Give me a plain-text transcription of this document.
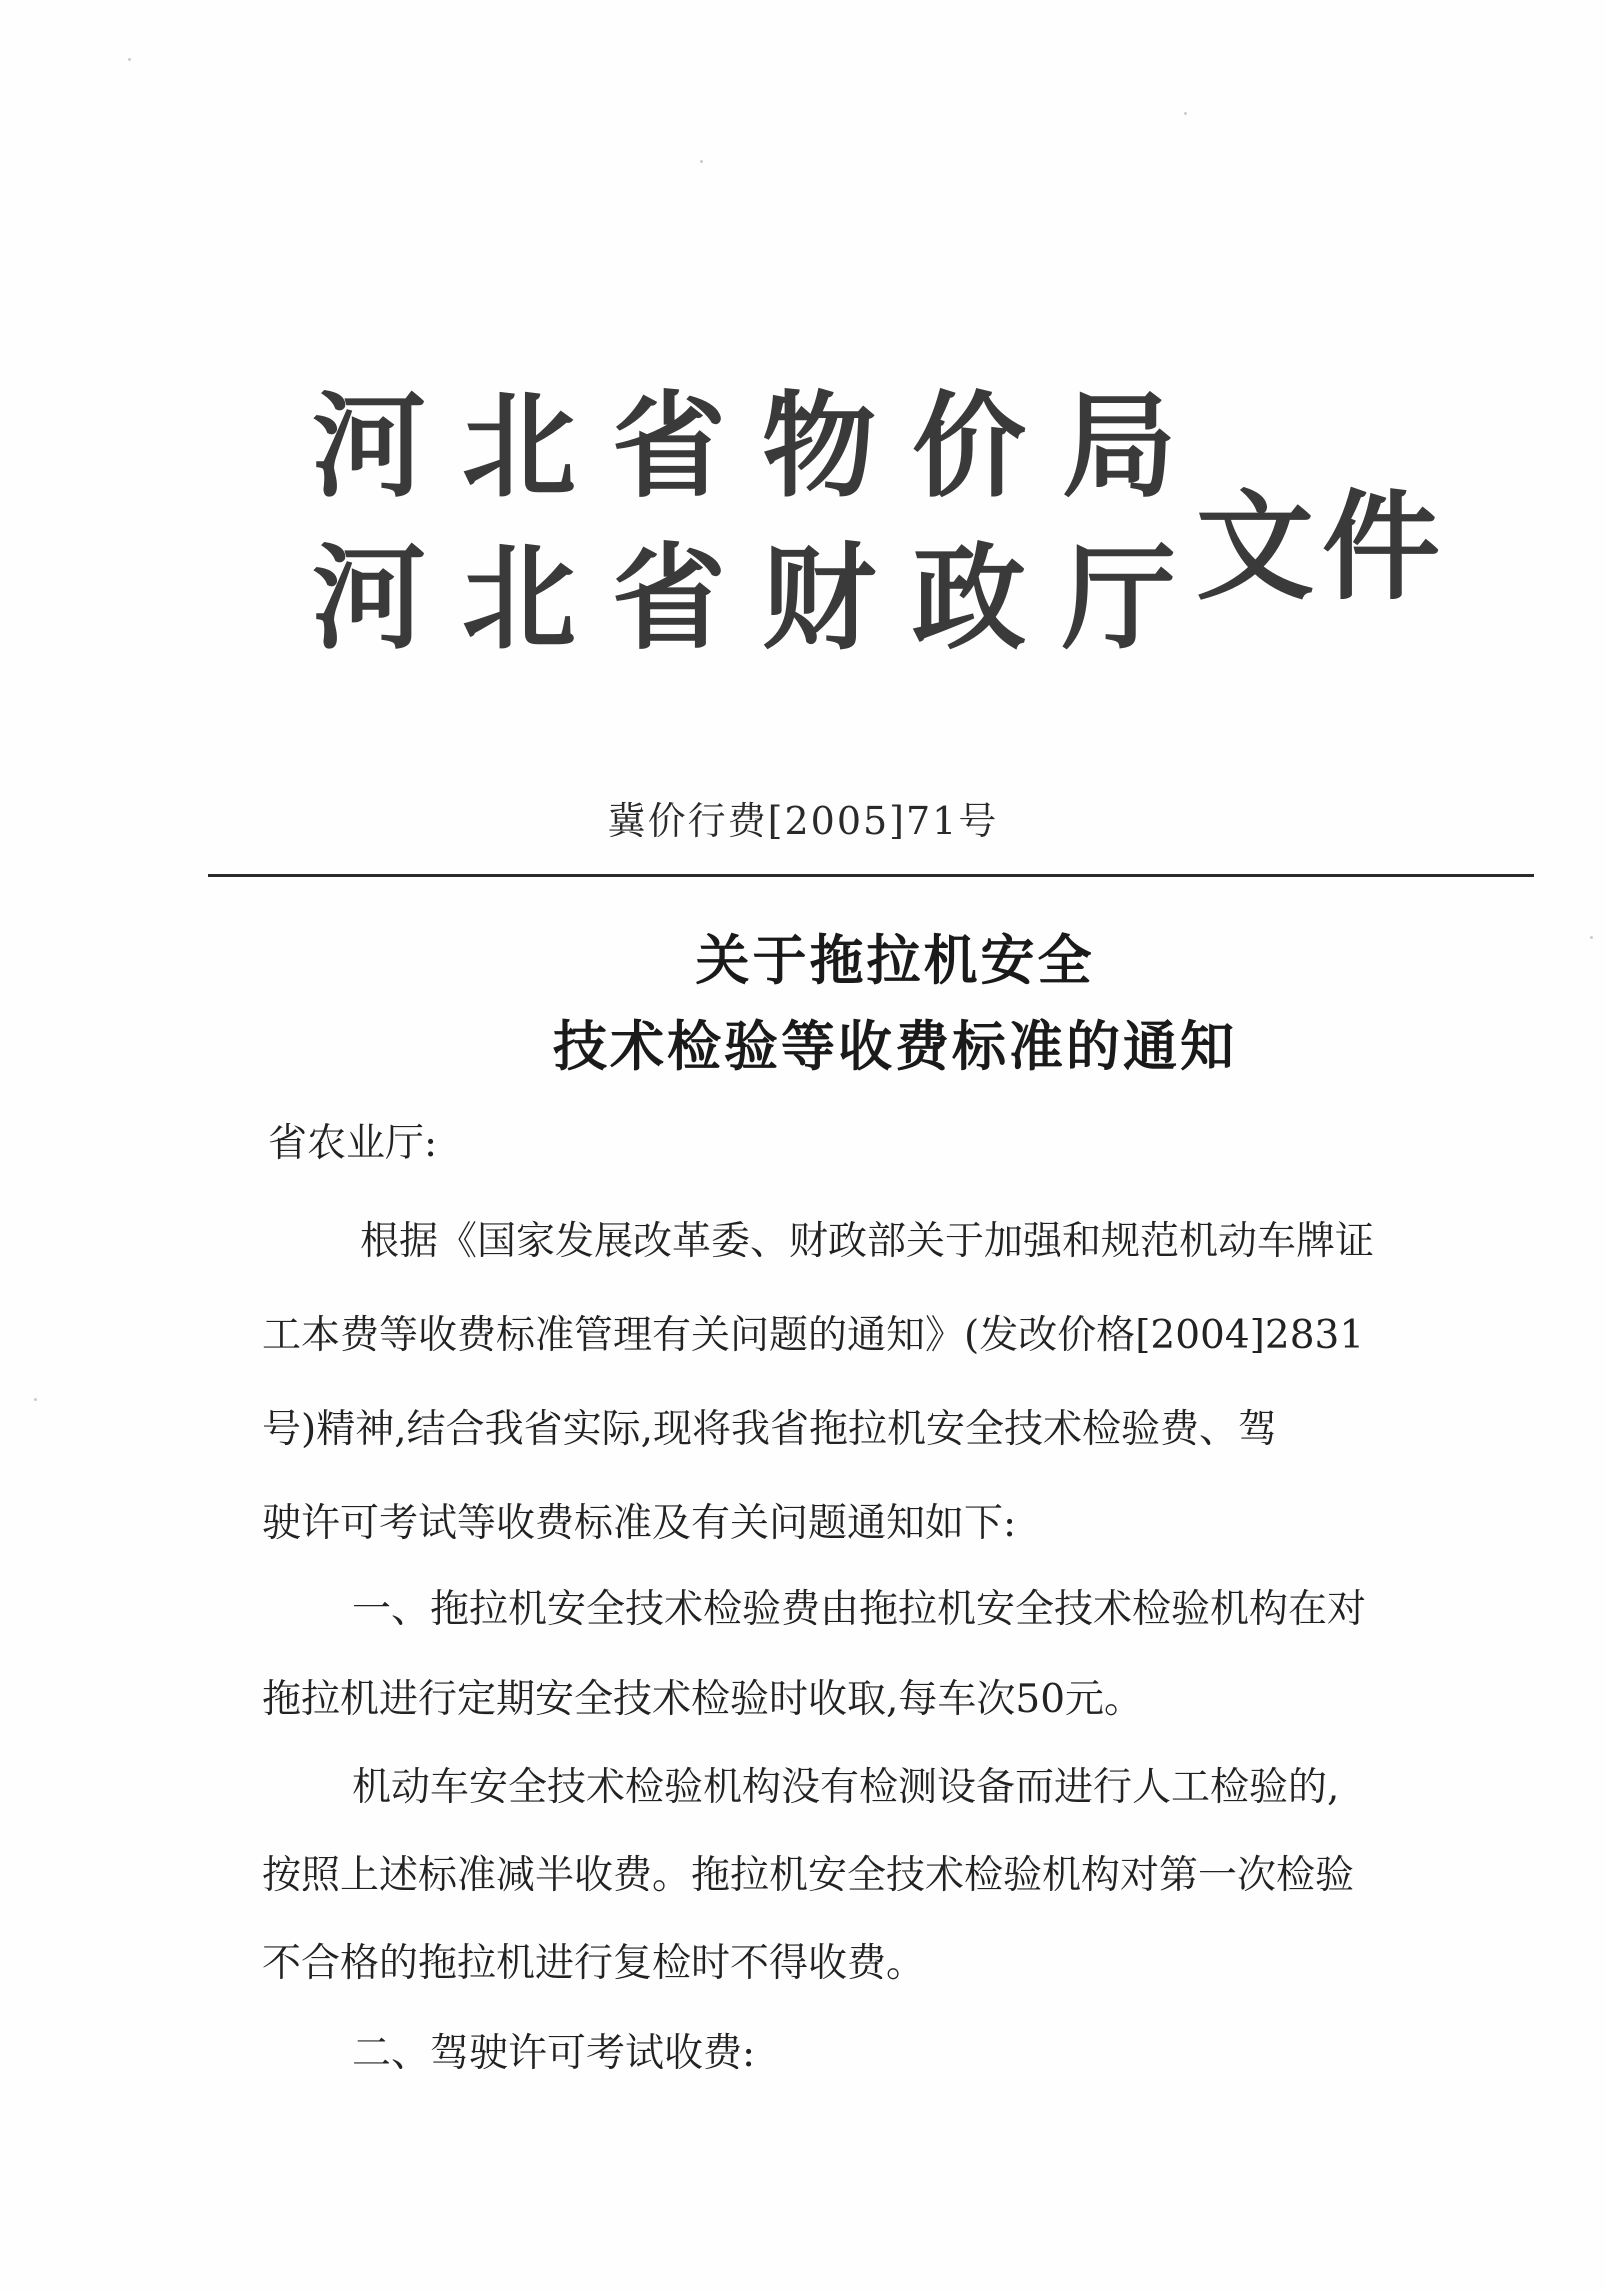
河北省物价局
河北省财政厅
文件
冀价行费[2005]71号
关于拖拉机安全
技术检验等收费标准的通知
省农业厅:
根据《国家发展改革委、财政部关于加强和规范机动车牌证
工本费等收费标准管理有关问题的通知》(发改价格[2004]2831
号)精神,结合我省实际,现将我省拖拉机安全技术检验费、驾
驶许可考试等收费标准及有关问题通知如下:
一、拖拉机安全技术检验费由拖拉机安全技术检验机构在对
拖拉机进行定期安全技术检验时收取,每车次50元。
机动车安全技术检验机构没有检测设备而进行人工检验的,
按照上述标准减半收费。拖拉机安全技术检验机构对第一次检验
不合格的拖拉机进行复检时不得收费。
二、驾驶许可考试收费:
